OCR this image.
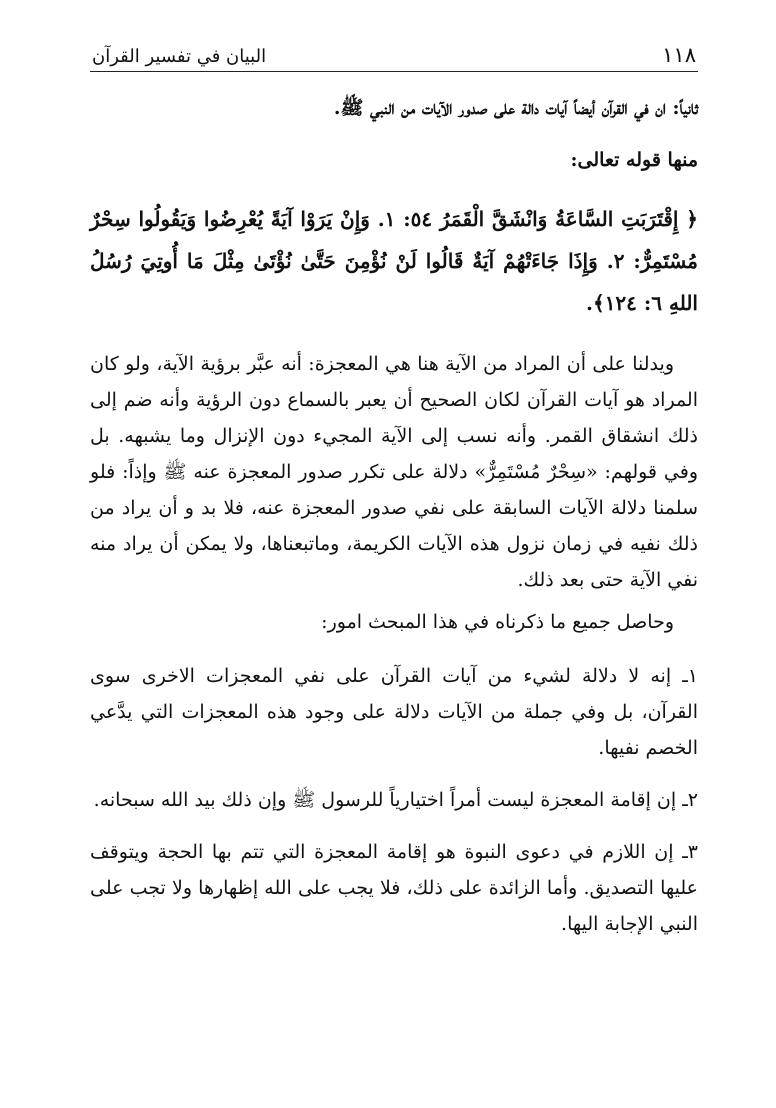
١١٨
البيان في تفسير القرآن

ثانياً: ان في القرآن أيضاً آيات دالة على صدور الآيات من النبي ﷺ.

منها قوله تعالى:

﴿ إِقْتَرَبَتِ السَّاعَةُ وَانْشَقَّ الْقَمَرُ ٥٤: ١. وَإِنْ يَرَوْا آيَةً يُعْرِضُوا وَيَقُولُوا سِحْرٌ مُسْتَمِرٌّ: ٢. وَإِذَا جَاءَتْهُمْ آيَةٌ قَالُوا لَنْ نُؤْمِنَ حَتَّىٰ نُؤْتَىٰ مِثْلَ مَا أُوتِيَ رُسُلُ اللهِ ٦: ١٢٤﴾.

ويدلنا على أن المراد من الآية هنا هي المعجزة: أنه عبَّر برؤية الآية، ولو كان المراد هو آيات القرآن لكان الصحيح أن يعبر بالسماع دون الرؤية وأنه ضم إلى ذلك انشقاق القمر. وأنه نسب إلى الآية المجيء دون الإنزال وما يشبهه. بل وفي قولهم: «سِحْرٌ مُسْتَمِرٌّ» دلالة على تكرر صدور المعجزة عنه ﷺ وإذاً: فلو سلمنا دلالة الآيات السابقة على نفي صدور المعجزة عنه، فلا بد و أن يراد من ذلك نفيه في زمان نزول هذه الآيات الكريمة، وماتبعناها، ولا يمكن أن يراد منه نفي الآية حتى بعد ذلك.

وحاصل جميع ما ذكرناه في هذا المبحث امور:

١ـ إنه لا دلالة لشيء من آيات القرآن على نفي المعجزات الاخرى سوى القرآن، بل وفي جملة من الآيات دلالة على وجود هذه المعجزات التي يدَّعي الخصم نفيها.

٢ـ إن إقامة المعجزة ليست أمراً اختيارياً للرسول ﷺ وإن ذلك بيد الله سبحانه.

٣ـ إن اللازم في دعوى النبوة هو إقامة المعجزة التي تتم بها الحجة ويتوقف عليها التصديق. وأما الزائدة على ذلك، فلا يجب على الله إظهارها ولا تجب على النبي الإجابة اليها.
